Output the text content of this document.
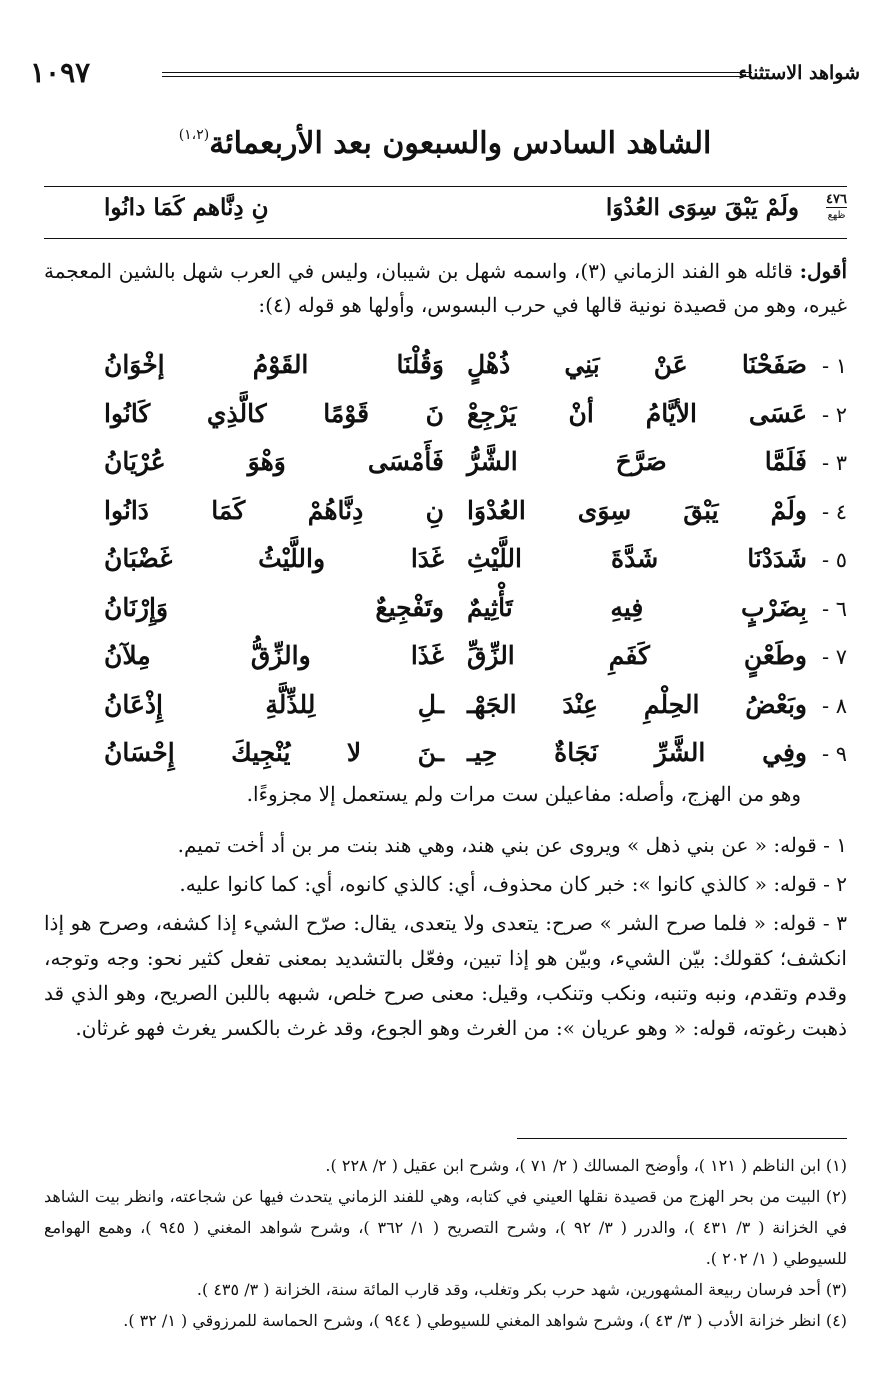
شواهد الاستثناء
١٠٩٧
الشاهد السادس والسبعون بعد الأربعمائة$^{(١،٢)}$
٤٧٦
ظهع
ولَمْ يَبْقَ سِوَى العُدْوَا
نِ دِنَّاهم كَمَا دانُوا
أقول: قائله هو الفند الزماني (٣)، واسمه شهل بن شيبان، وليس في العرب شهل بالشين المعجمة غيره، وهو من قصيدة نونية قالها في حرب البسوس، وأولها هو قوله (٤):
١ -
صَفَحْنَا عَنْ بَنِي ذُهْلٍ
وَقُلْنَا القَوْمُ إخْوَانُ
٢ -
عَسَى الأيَّامُ أنْ يَرْجِعْ
نَ قَوْمًا كالَّذِي كَانُوا
٣ -
فَلَمَّا صَرَّحَ الشَّرُّ
فَأَمْسَى وَهْوَ عُرْيَانُ
٤ -
ولَمْ يَبْقَ سِوَى العُدْوَا
نِ دِنَّاهُمْ كَمَا دَانُوا
٥ -
شَدَدْنَا شَدَّةَ اللَّيْثِ
غَدَا واللَّيْثُ غَضْبَانُ
٦ -
بِضَرْبٍ فِيهِ تَأْثِيمٌ
وتَفْجِيعٌ وَإِرْنَانُ
٧ -
وطَعْنٍ كَفَمِ الزِّقِّ
غَذَا والزِّقُّ مِلآنُ
٨ -
وبَعْضُ الحِلْمِ عِنْدَ الجَهْـ
ـلِ لِلذِّلَّةِ إِذْعَانُ
٩ -
وفِي الشَّرِّ نَجَاةٌ حِيـ
ـنَ لا يُنْجِيكَ إِحْسَانُ
وهو من الهزج، وأصله: مفاعيلن ست مرات ولم يستعمل إلا مجزوءًا.

١ - قوله: « عن بني ذهل » ويروى عن بني هند، وهي هند بنت مر بن أد أخت تميم.

٢ - قوله: « كالذي كانوا »: خبر كان محذوف، أي: كالذي كانوه، أي: كما كانوا عليه.

٣ - قوله: « فلما صرح الشر » صرح: يتعدى ولا يتعدى، يقال: صرّح الشيء إذا كشفه، وصرح هو إذا انكشف؛ كقولك: بيّن الشيء، وبيّن هو إذا تبين، وفعّل بالتشديد بمعنى تفعل كثير نحو: وجه وتوجه، وقدم وتقدم، ونبه وتنبه، ونكب وتنكب، وقيل: معنى صرح خلص، شبهه باللبن الصريح، وهو الذي قد ذهبت رغوته، قوله: « وهو عريان »: من الغرث وهو الجوع، وقد غرث بالكسر يغرث فهو غرثان.

(١) ابن الناظم ( ١٢١ )، وأوضح المسالك ( ٢/ ٧١ )، وشرح ابن عقيل ( ٢/ ٢٢٨ ).

(٢) البيت من بحر الهزج من قصيدة نقلها العيني في كتابه، وهي للفند الزماني يتحدث فيها عن شجاعته، وانظر بيت الشاهد في الخزانة ( ٣/ ٤٣١ )، والدرر ( ٣/ ٩٢ )، وشرح التصريح ( ١/ ٣٦٢ )، وشرح شواهد المغني ( ٩٤٥ )، وهمع الهوامع للسيوطي ( ١/ ٢٠٢ ).

(٣) أحد فرسان ربيعة المشهورين، شهد حرب بكر وتغلب، وقد قارب المائة سنة، الخزانة ( ٣/ ٤٣٥ ).

(٤) انظر خزانة الأدب ( ٣/ ٤٣ )، وشرح شواهد المغني للسيوطي ( ٩٤٤ )، وشرح الحماسة للمرزوقي ( ١/ ٣٢ ).
